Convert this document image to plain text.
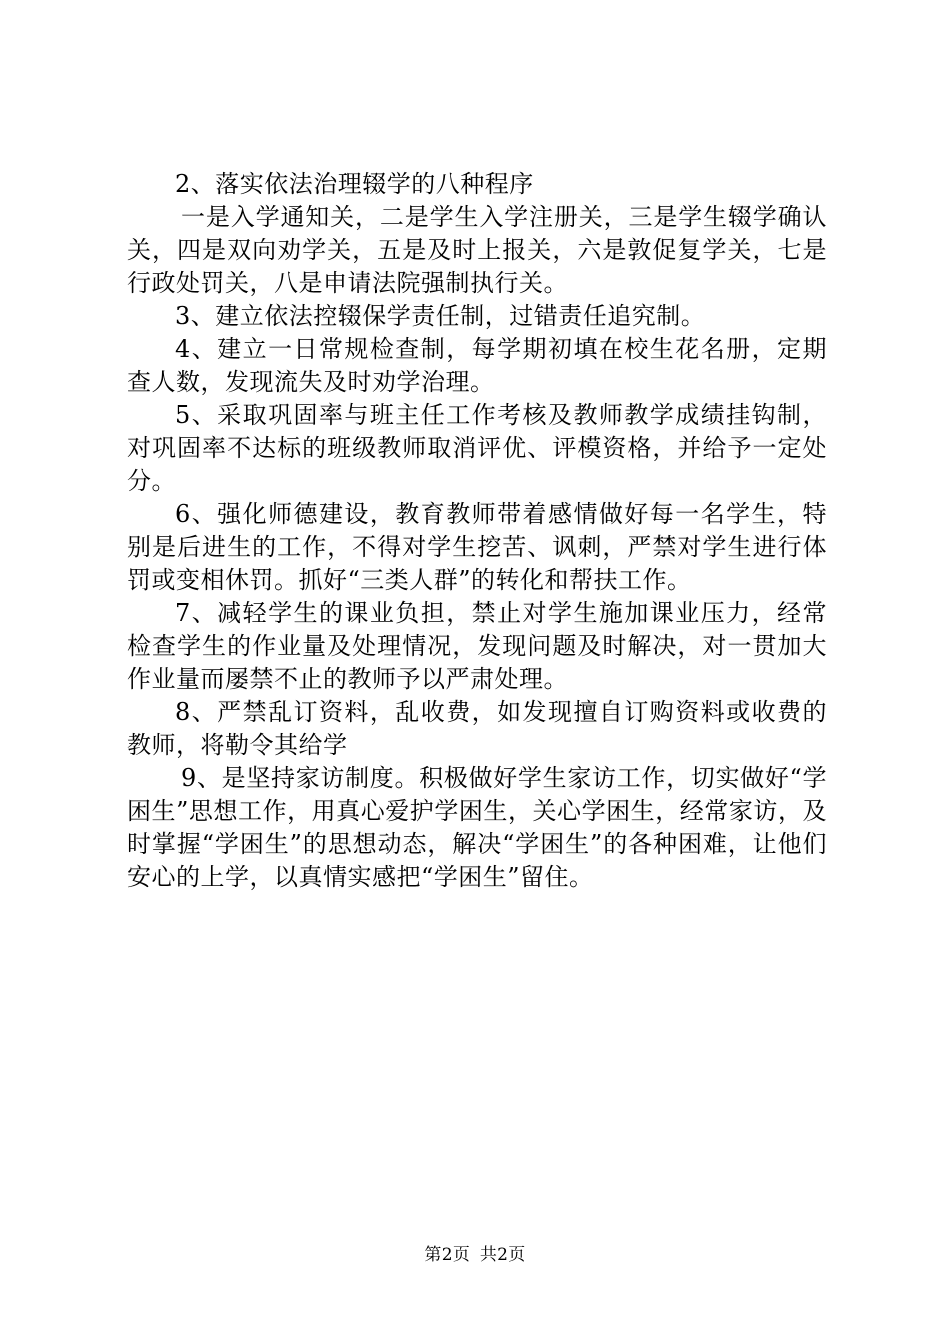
2、落实依法治理辍学的八种程序

一是入学通知关，二是学生入学注册关，三是学生辍学确认关，四是双向劝学关，五是及时上报关，六是敦促复学关，七是行政处罚关，八是申请法院强制执行关。

3、建立依法控辍保学责任制，过错责任追究制。

4、建立一日常规检查制，每学期初填在校生花名册，定期查人数，发现流失及时劝学治理。

5、采取巩固率与班主任工作考核及教师教学成绩挂钩制，对巩固率不达标的班级教师取消评优、评模资格，并给予一定处分。

6、强化师德建设，教育教师带着感情做好每一名学生，特别是后进生的工作，不得对学生挖苦、讽刺，严禁对学生进行体罚或变相休罚。抓好“三类人群”的转化和帮扶工作。

7、减轻学生的课业负担，禁止对学生施加课业压力，经常检查学生的作业量及处理情况，发现问题及时解决，对一贯加大作业量而屡禁不止的教师予以严肃处理。

8、严禁乱订资料，乱收费，如发现擅自订购资料或收费的教师，将勒令其给学

9、是坚持家访制度。积极做好学生家访工作，切实做好“学困生”思想工作，用真心爱护学困生，关心学困生，经常家访，及时掌握“学困生”的思想动态，解决“学困生”的各种困难，让他们安心的上学，以真情实感把“学困生”留住。

第2页 共2页
